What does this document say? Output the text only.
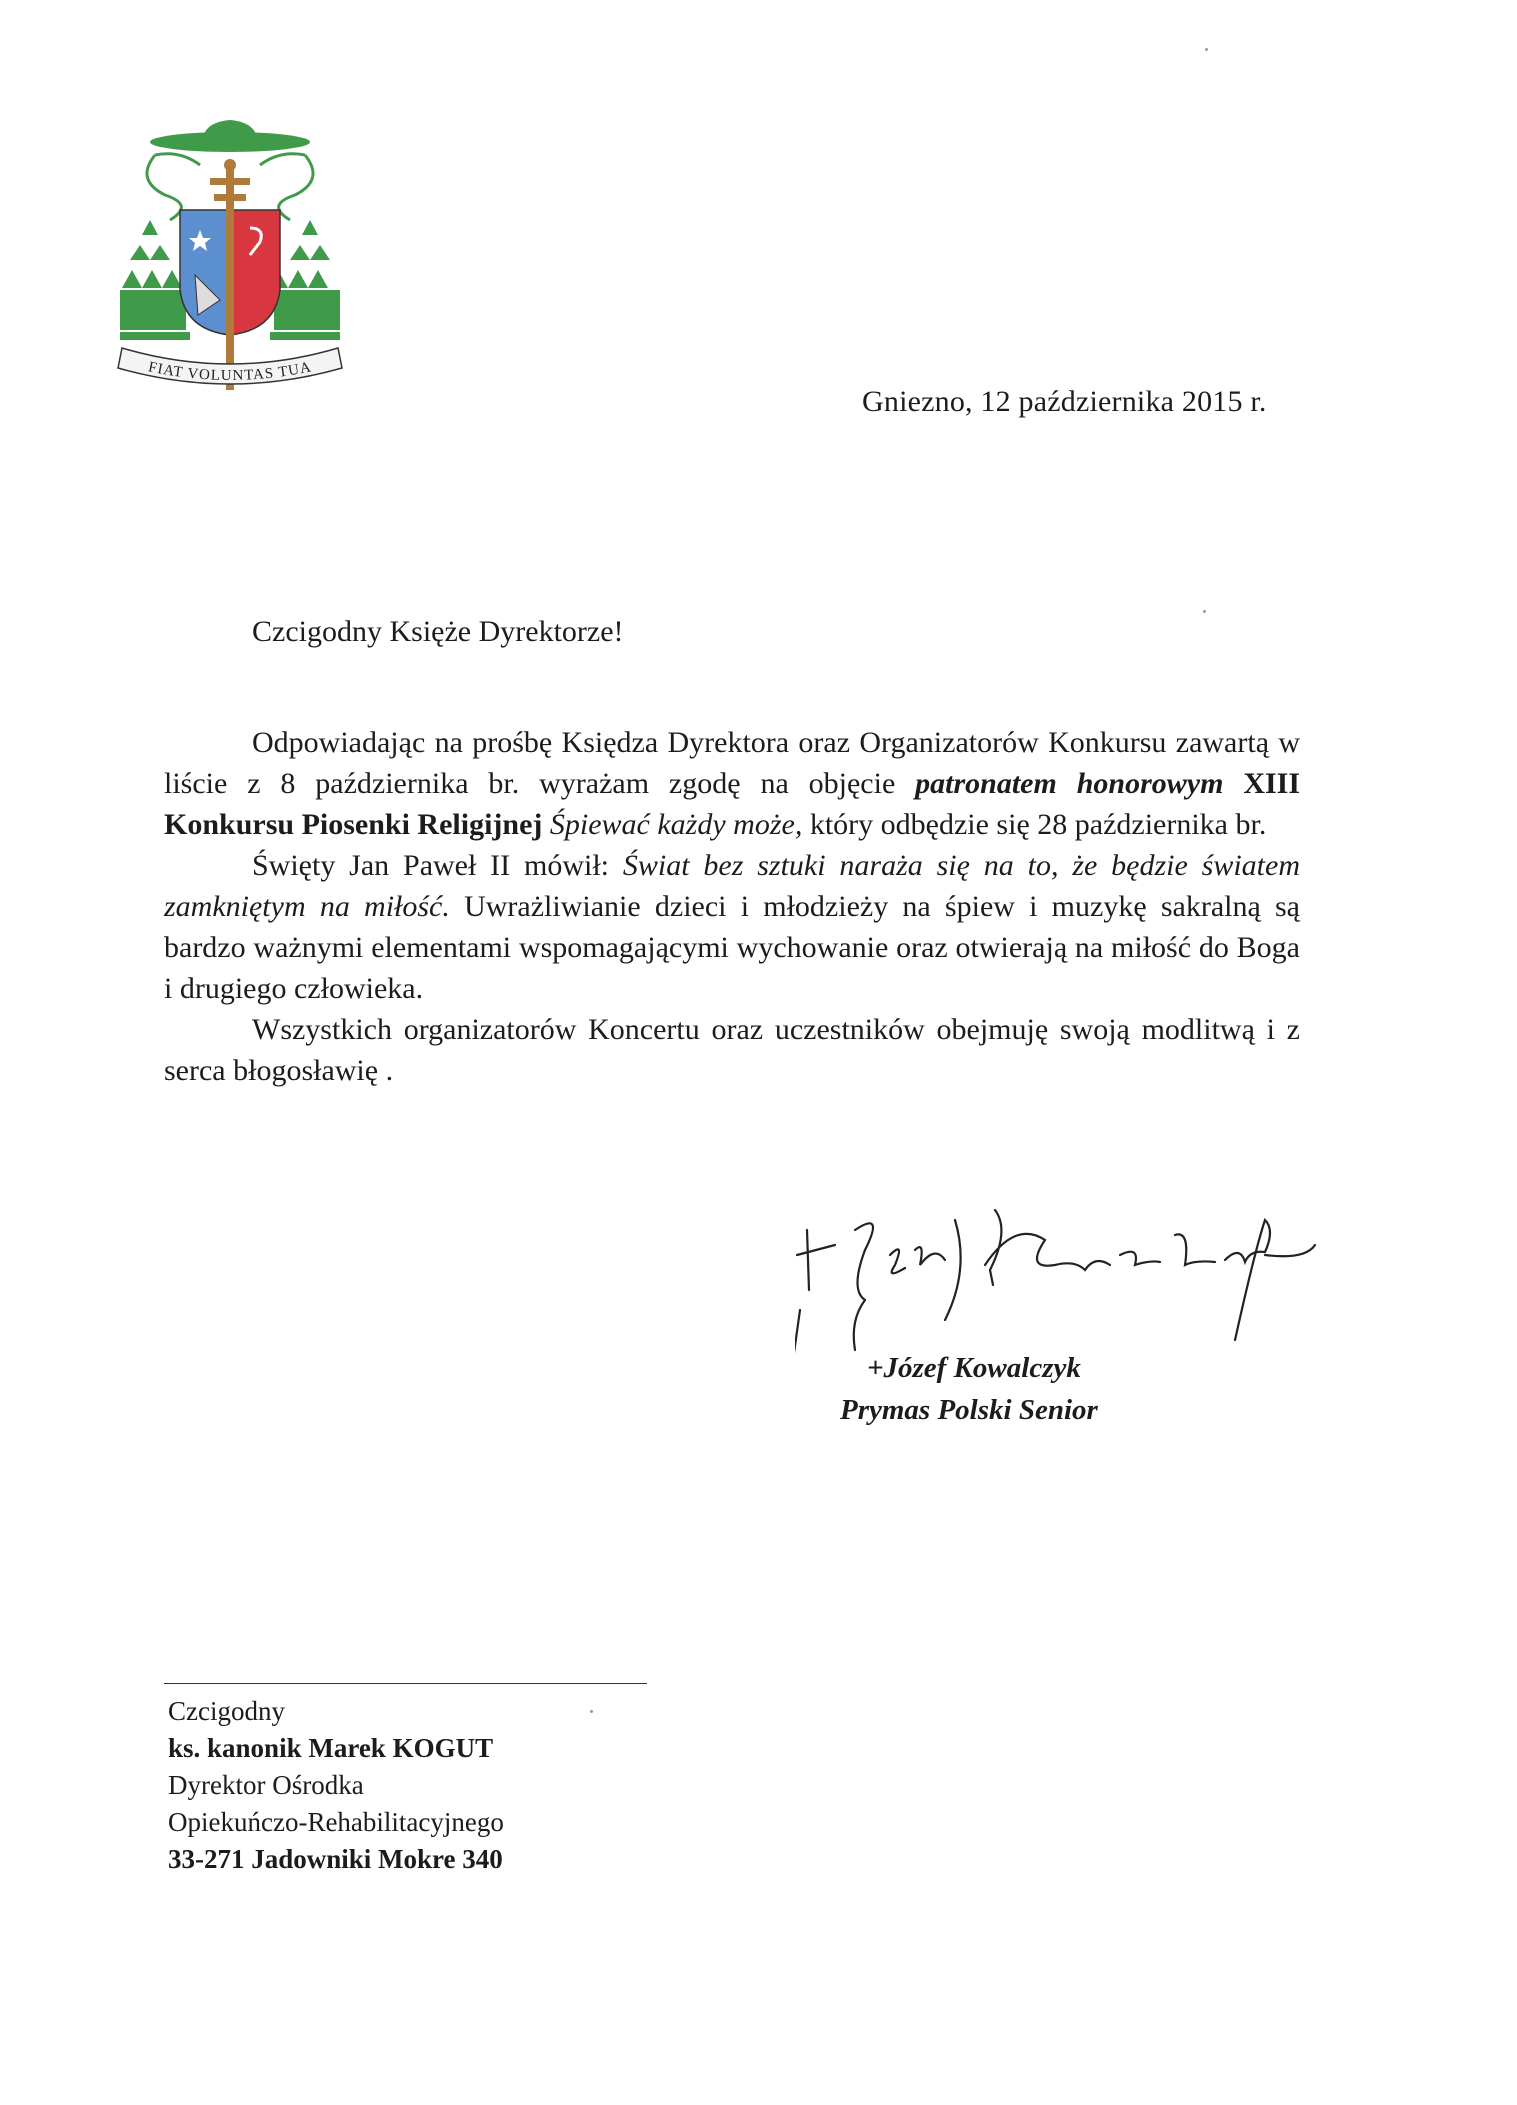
FIAT VOLUNTAS TUA
Gniezno, 12 października 2015 r.
Czcigodny Księże Dyrektorze!

Odpowiadając na prośbę Księdza Dyrektora oraz Organizatorów Konkursu zawartą w liście z 8 października br. wyrażam zgodę na objęcie patronatem honorowym XIII Konkursu Piosenki Religijnej Śpiewać każdy może, który odbędzie się 28 października br.

Święty Jan Paweł II mówił: Świat bez sztuki naraża się na to, że będzie światem zamkniętym na miłość. Uwrażliwianie dzieci i młodzieży na śpiew i muzykę sakralną są bardzo ważnymi elementami wspomagającymi wychowanie oraz otwierają na miłość do Boga i drugiego człowieka.

Wszystkich organizatorów Koncertu oraz uczestników obejmuję swoją modlitwą i z serca błogosławię .

+Józef Kowalczyk
Prymas Polski Senior
Czcigodny
ks. kanonik Marek KOGUT
Dyrektor Ośrodka
Opiekuńczo-Rehabilitacyjnego
33-271 Jadowniki Mokre 340
